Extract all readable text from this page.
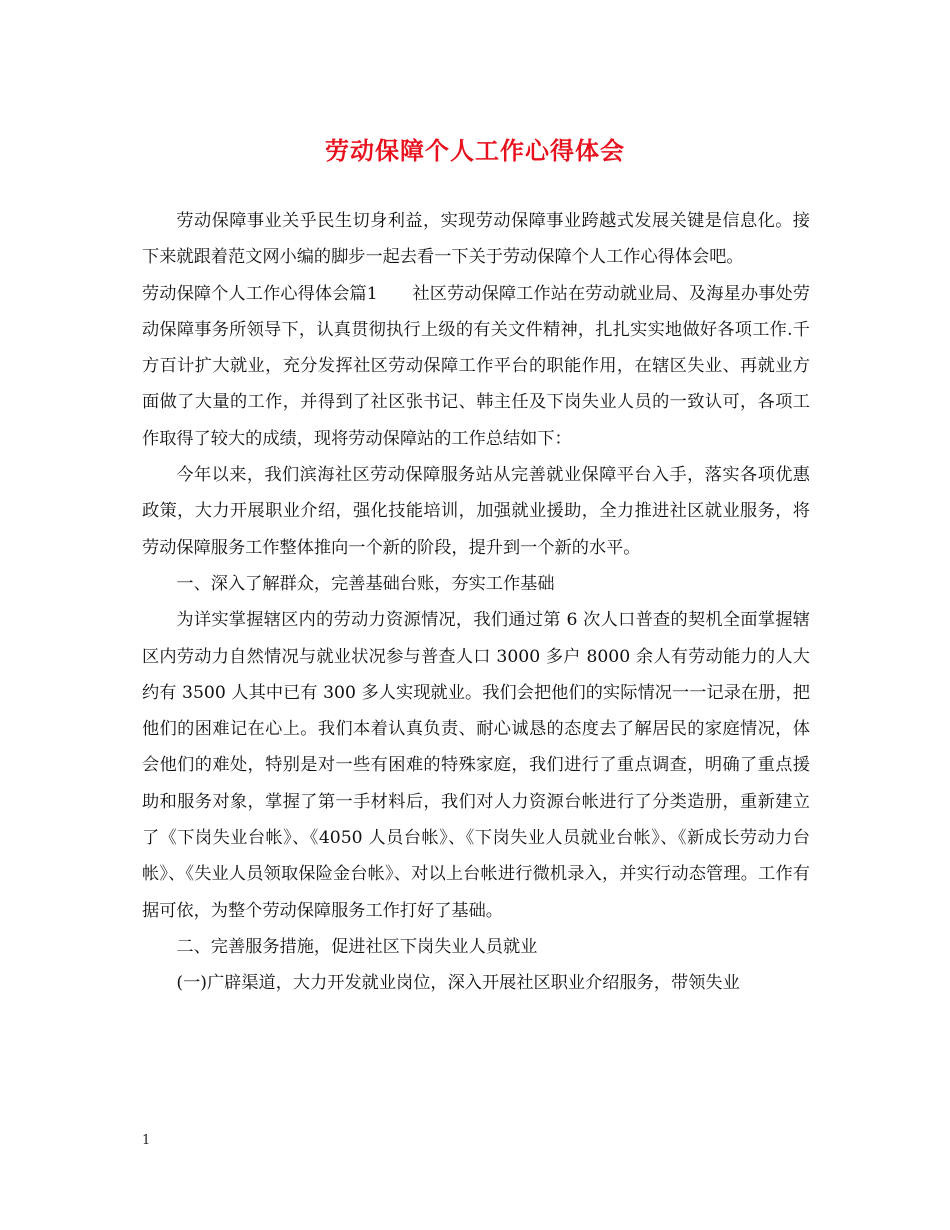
劳动保障个人工作心得体会

劳动保障事业关乎民生切身利益，实现劳动保障事业跨越式发展关键是信息化。接下来就跟着范文网小编的脚步一起去看一下关于劳动保障个人工作心得体会吧。

劳动保障个人工作心得体会篇1　　社区劳动保障工作站在劳动就业局、及海星办事处劳动保障事务所领导下，认真贯彻执行上级的有关文件精神，扎扎实实地做好各项工作.千方百计扩大就业，充分发挥社区劳动保障工作平台的职能作用，在辖区失业、再就业方面做了大量的工作，并得到了社区张书记、韩主任及下岗失业人员的一致认可，各项工作取得了较大的成绩，现将劳动保障站的工作总结如下：

今年以来，我们滨海社区劳动保障服务站从完善就业保障平台入手，落实各项优惠政策，大力开展职业介绍，强化技能培训，加强就业援助，全力推进社区就业服务，将劳动保障服务工作整体推向一个新的阶段，提升到一个新的水平。

一、深入了解群众，完善基础台账，夯实工作基础

为详实掌握辖区内的劳动力资源情况，我们通过第 6 次人口普查的契机全面掌握辖区内劳动力自然情况与就业状况参与普查人口 3000 多户 8000 余人有劳动能力的人大约有 3500 人其中已有 300 多人实现就业。我们会把他们的实际情况一一记录在册，把他们的困难记在心上。我们本着认真负责、耐心诚恳的态度去了解居民的家庭情况，体会他们的难处，特别是对一些有困难的特殊家庭，我们进行了重点调查，明确了重点援助和服务对象，掌握了第一手材料后，我们对人力资源台帐进行了分类造册，重新建立了《下岗失业台帐》、《4050 人员台帐》、《下岗失业人员就业台帐》、《新成长劳动力台帐》、《失业人员领取保险金台帐》、对以上台帐进行微机录入，并实行动态管理。工作有据可依，为整个劳动保障服务工作打好了基础。

二、完善服务措施，促进社区下岗失业人员就业

(一)广辟渠道，大力开发就业岗位，深入开展社区职业介绍服务，带领失业

1
